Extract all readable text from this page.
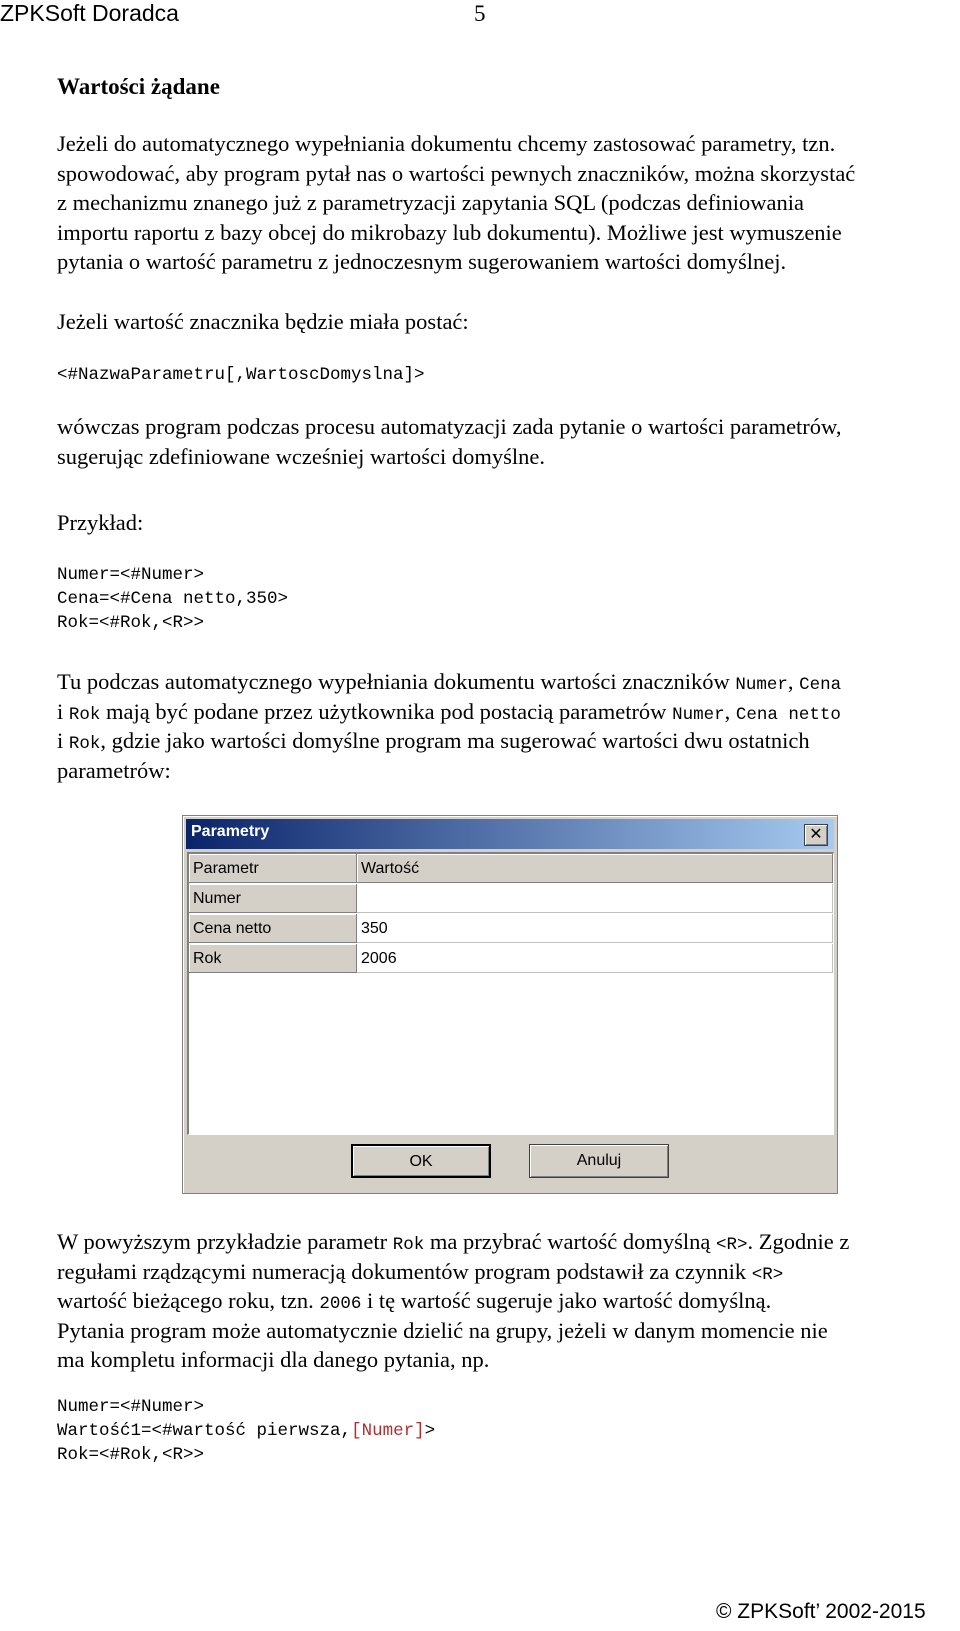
ZPKSoft Doradca	5
Wartości żądane
Jeżeli do automatycznego wypełniania dokumentu chcemy zastosować parametry, tzn.
spowodować, aby program pytał nas o wartości pewnych znaczników, można skorzystać
z mechanizmu znanego już z parametryzacji zapytania SQL (podczas definiowania
importu raportu z bazy obcej do mikrobazy lub dokumentu). Możliwe jest wymuszenie
pytania o wartość parametru z jednoczesnym sugerowaniem wartości domyślnej.
Jeżeli wartość znacznika będzie miała postać:
<#NazwaParametru[,WartoscDomyslna]>
wówczas program podczas procesu automatyzacji zada pytanie o wartości parametrów,
sugerując zdefiniowane wcześniej wartości domyślne.
Przykład:
Numer=<#Numer>
Cena=<#Cena netto,350>
Rok=<#Rok,<R>>
Tu podczas automatycznego wypełniania dokumentu wartości znaczników Numer, Cena
i Rok mają być podane przez użytkownika pod postacią parametrów Numer, Cena netto
i Rok, gdzie jako wartości domyślne program ma sugerować wartości dwu ostatnich
parametrów:
Parametry	✕
Parametr	Wartość
Numer
Cena netto	350
Rok	2006
OK	Anuluj
W powyższym przykładzie parametr Rok ma przybrać wartość domyślną <R>. Zgodnie z
regułami rządzącymi numeracją dokumentów program podstawił za czynnik <R>
wartość bieżącego roku, tzn. 2006 i tę wartość sugeruje jako wartość domyślną.
Pytania program może automatycznie dzielić na grupy, jeżeli w danym momencie nie
ma kompletu informacji dla danego pytania, np.
Numer=<#Numer>
Wartość1=<#wartość pierwsza,[Numer]>
Rok=<#Rok,<R>>
© ZPKSoft’ 2002-2015
